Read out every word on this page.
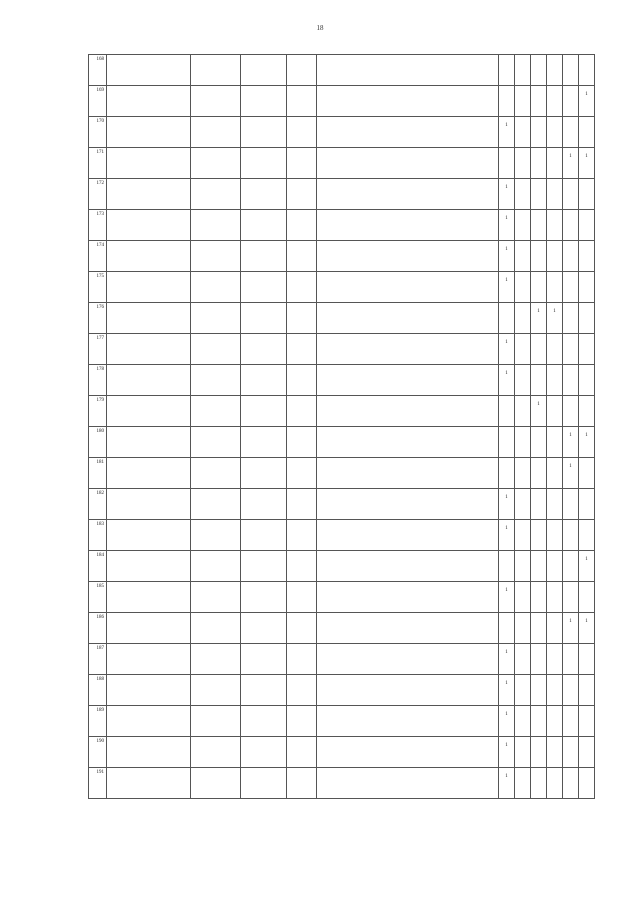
18
168											
169											1
170						1					
171										1	1
172						1					
173						1					
174						1					
175						1					
176								1	1		
177						1					
178						1					
179								1			
180										1	1
181										1	
182						1					
183						1					
184											1
185						1					
186										1	1
187						1					
188						1					
189						1					
190						1					
191						1					
